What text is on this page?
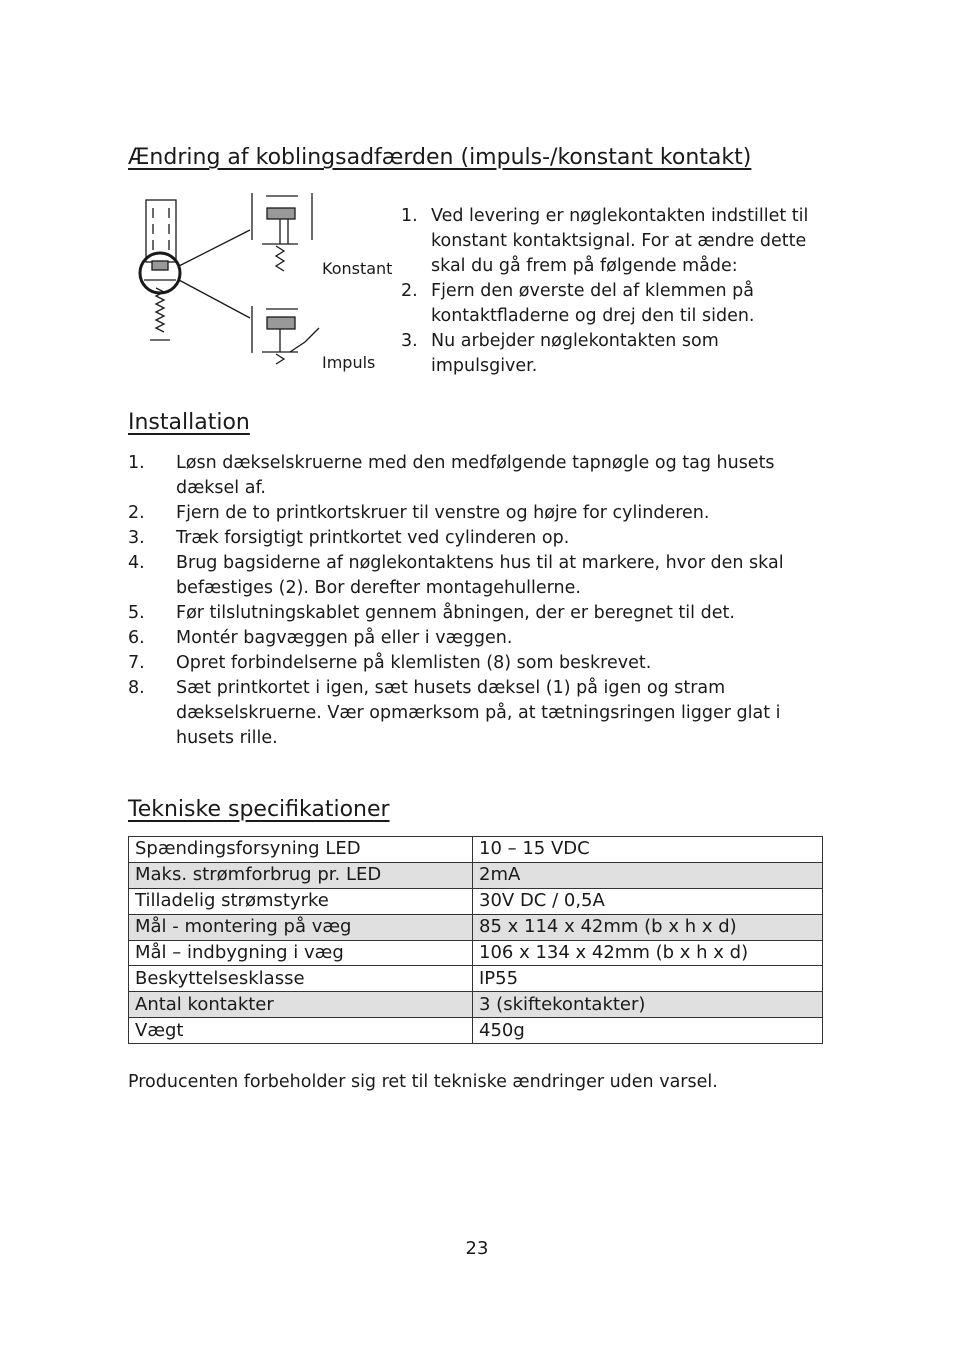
Ændring af koblingsadfærden (impuls-/konstant kontakt)
Konstant
Impuls
1. Ved levering er nøglekontakten indstillet til konstant kontaktsignal. For at ændre dette skal du gå frem på følgende måde:
2. Fjern den øverste del af klemmen på kontaktfladerne og drej den til siden.
3. Nu arbejder nøglekontakten som impulsgiver.
Installation
1. Løsn dækselskruerne med den medfølgende tapnøgle og tag husets dæksel af.
2. Fjern de to printkortskruer til venstre og højre for cylinderen.
3. Træk forsigtigt printkortet ved cylinderen op.
4. Brug bagsiderne af nøglekontaktens hus til at markere, hvor den skal befæstiges (2). Bor derefter montagehullerne.
5. Før tilslutningskablet gennem åbningen, der er beregnet til det.
6. Montér bagvæggen på eller i væggen.
7. Opret forbindelserne på klemlisten (8) som beskrevet.
8. Sæt printkortet i igen, sæt husets dæksel (1) på igen og stram dækselskruerne. Vær opmærksom på, at tætningsringen ligger glat i husets rille.
Tekniske specifikationer
Spændingsforsyning LED	10 – 15 VDC
Maks. strømforbrug pr. LED	2mA
Tilladelig strømstyrke	30V DC / 0,5A
Mål - montering på væg	85 x 114 x 42mm (b x h x d)
Mål – indbygning i væg	106 x 134 x 42mm (b x h x d)
Beskyttelsesklasse	IP55
Antal kontakter	3 (skiftekontakter)
Vægt	450g
Producenten forbeholder sig ret til tekniske ændringer uden varsel.
23
